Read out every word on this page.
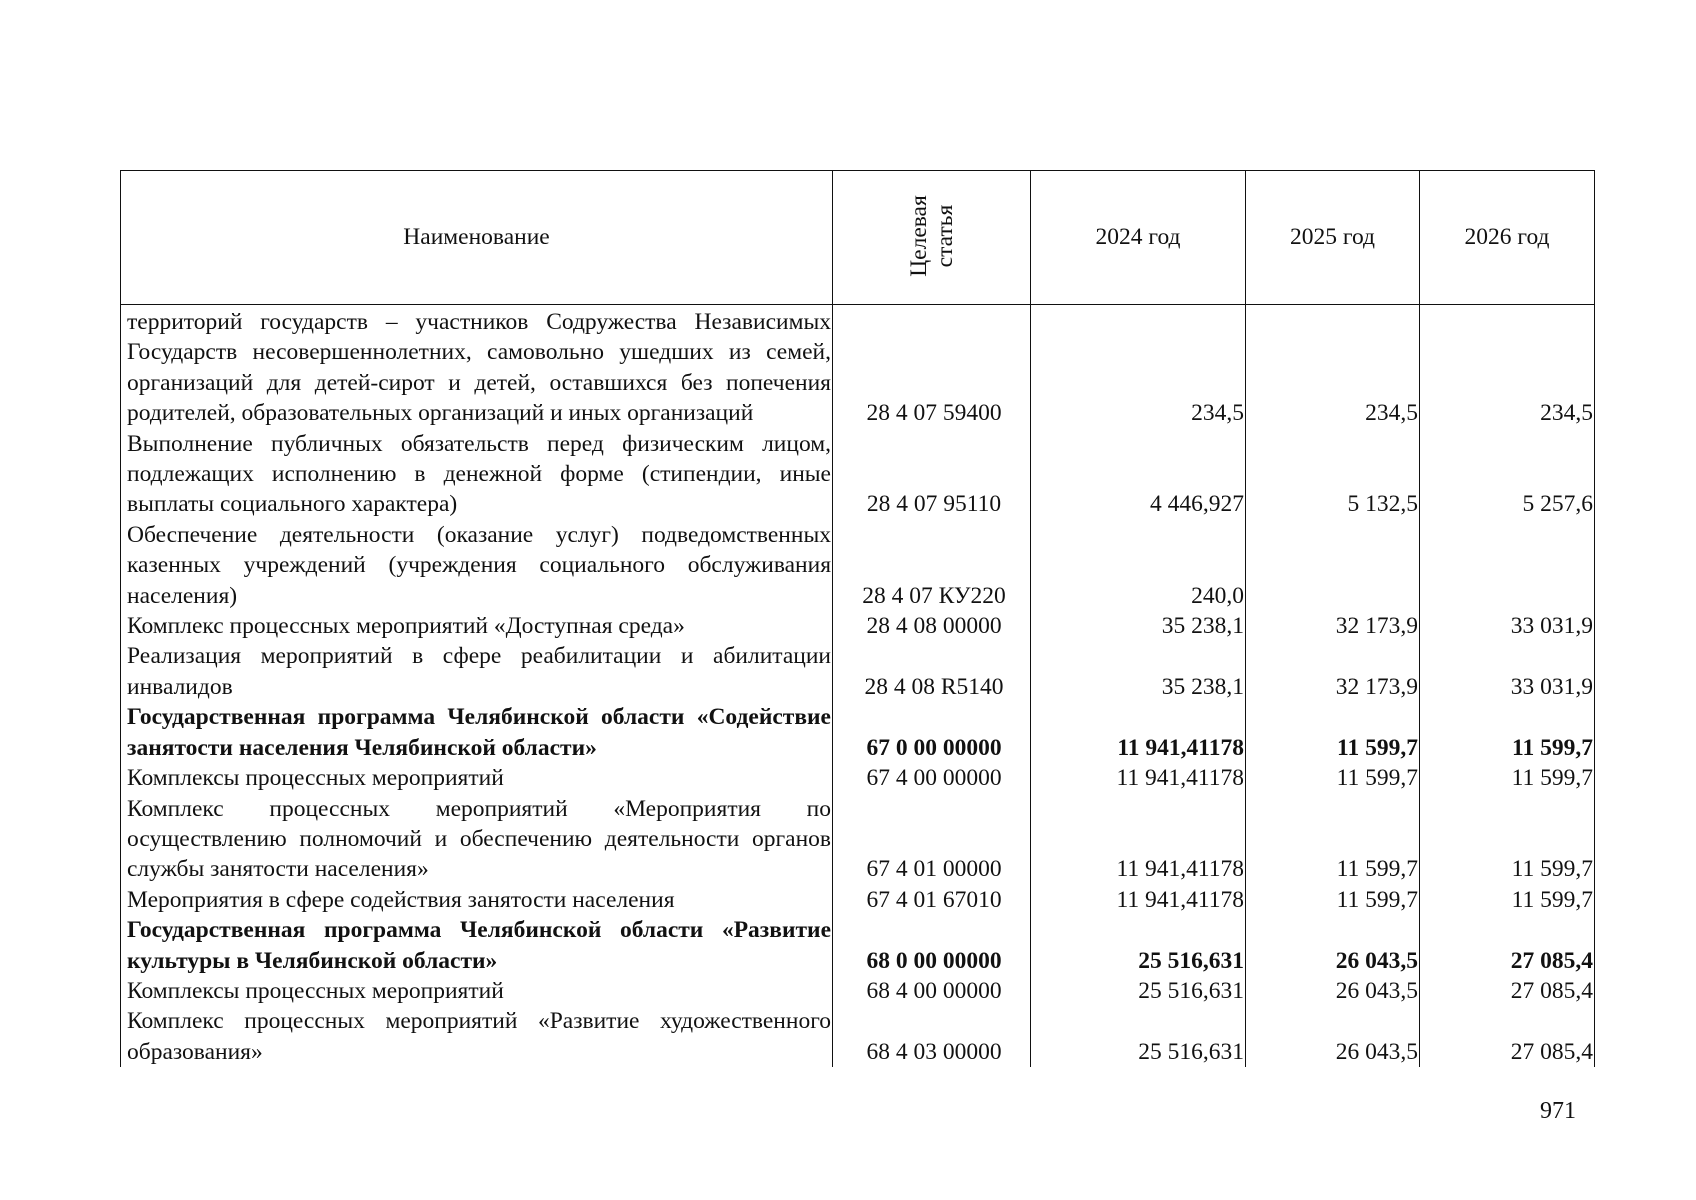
Наименование	Целевая статья	2024 год	2025 год	2026 год
территорий государств – участников Содружества Независимых Государств несовершеннолетних, самовольно ушедших из семей, организаций для детей-сирот и детей, оставшихся без попечения родителей, образовательных организаций и иных организаций	28 4 07 59400	234,5	234,5	234,5
Выполнение публичных обязательств перед физическим лицом, подлежащих исполнению в денежной форме (стипендии, иные выплаты социального характера)	28 4 07 95110	4 446,927	5 132,5	5 257,6
Обеспечение деятельности (оказание услуг) подведомственных казенных учреждений (учреждения социального обслуживания населения)	28 4 07 КУ220	240,0		
Комплекс процессных мероприятий «Доступная среда»	28 4 08 00000	35 238,1	32 173,9	33 031,9
Реализация мероприятий в сфере реабилитации и абилитации инвалидов	28 4 08 R5140	35 238,1	32 173,9	33 031,9
Государственная программа Челябинской области «Содействие занятости населения Челябинской области»	67 0 00 00000	11 941,41178	11 599,7	11 599,7
Комплексы процессных мероприятий	67 4 00 00000	11 941,41178	11 599,7	11 599,7
Комплекс процессных мероприятий «Мероприятия по осуществлению полномочий и обеспечению деятельности органов службы занятости населения»	67 4 01 00000	11 941,41178	11 599,7	11 599,7
Мероприятия в сфере содействия занятости населения	67 4 01 67010	11 941,41178	11 599,7	11 599,7
Государственная программа Челябинской области «Развитие культуры в Челябинской области»	68 0 00 00000	25 516,631	26 043,5	27 085,4
Комплексы процессных мероприятий	68 4 00 00000	25 516,631	26 043,5	27 085,4
Комплекс процессных мероприятий «Развитие художественного образования»	68 4 03 00000	25 516,631	26 043,5	27 085,4
971
